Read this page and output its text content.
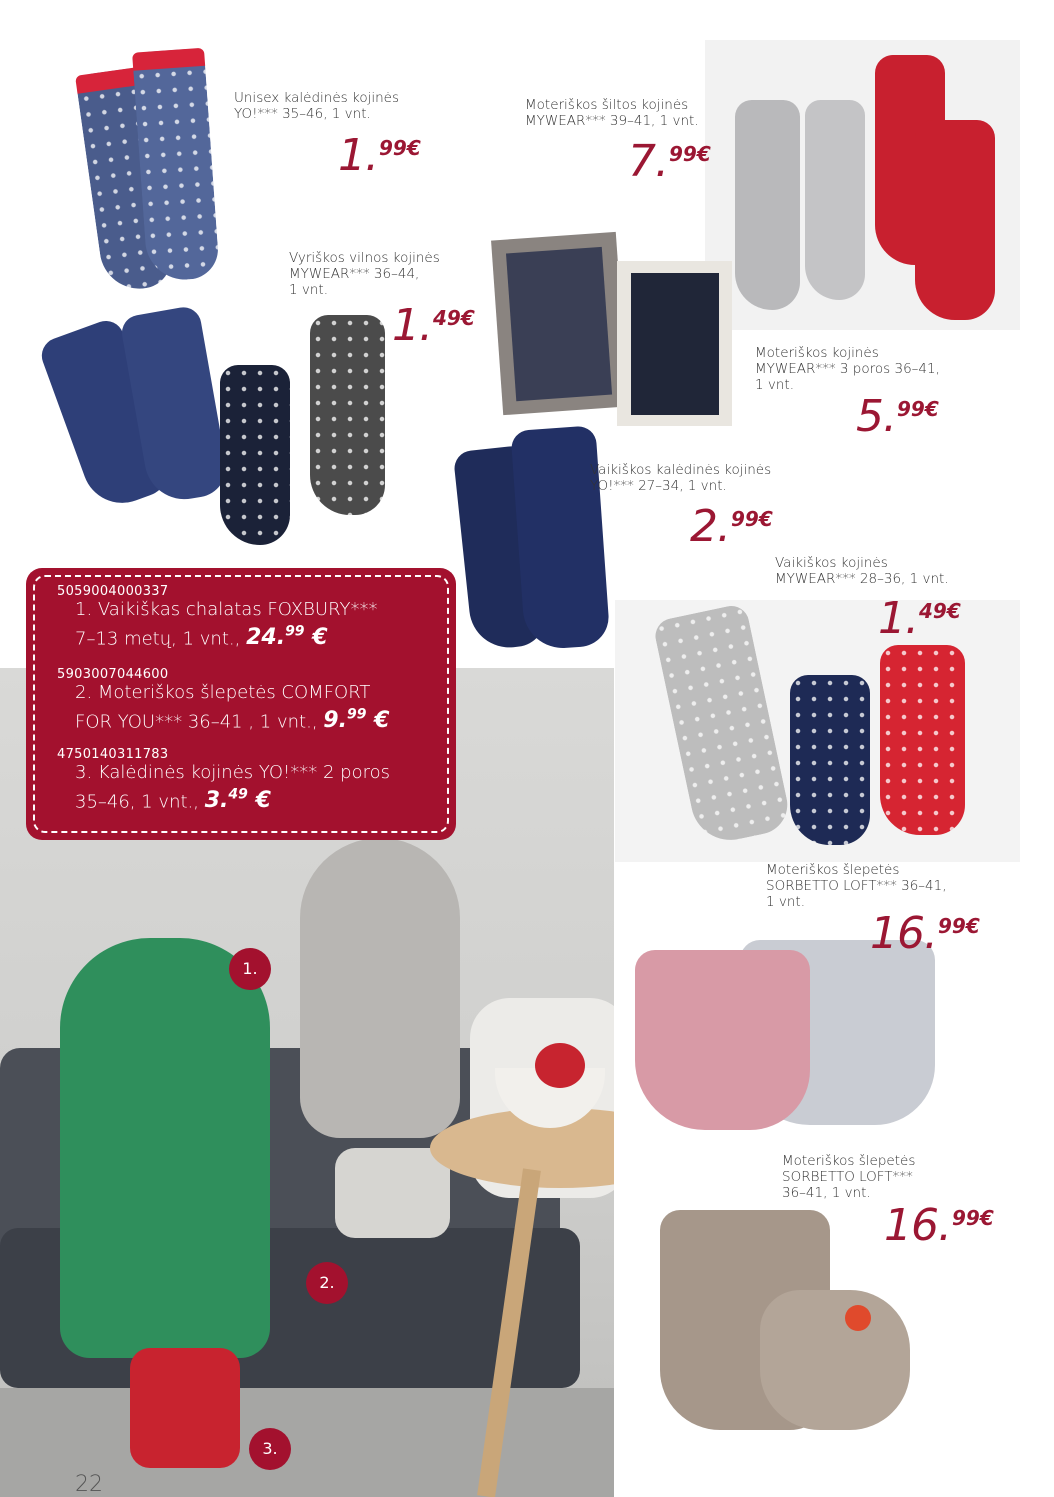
Unisex kalėdinės kojinės
YO!*** 35–46, 1 vnt.
1.99€
Moteriškos šiltos kojinės
MYWEAR*** 39–41, 1 vnt.
7.99€
Vyriškos vilnos kojinės
MYWEAR*** 36–44,
1 vnt.
1.49€
Moteriškos kojinės
MYWEAR*** 3 poros 36–41,
1 vnt.
5.99€
Vaikiškos kalėdinės kojinės
YO!*** 27–34, 1 vnt.
2.99€
Vaikiškos kojinės
MYWEAR*** 28–36, 1 vnt.
1.49€
Moteriškos šlepetės
SORBETTO LOFT*** 36–41,
1 vnt.
16.99€
Moteriškos šlepetės
SORBETTO LOFT***
36–41, 1 vnt.
16.99€
1.
2.
3.
22
5059004000337
1. Vaikiškas chalatas FOXBURY***
7–13 metų, 1 vnt., 24.99 €
5903007044600
2. Moteriškos šlepetės COMFORT
FOR YOU*** 36–41 , 1 vnt., 9.99 €
4750140311783
3. Kalėdinės kojinės YO!*** 2 poros
35–46, 1 vnt., 3.49 €
